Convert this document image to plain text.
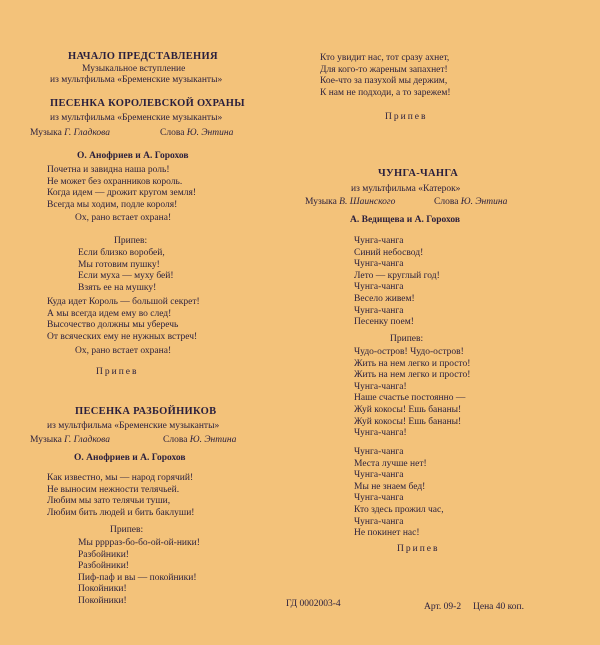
НАЧАЛО ПРЕДСТАВЛЕНИЯ
Музыкальное вступление
из мультфильма «Бременские музыканты»
ПЕСЕНКА КОРОЛЕВСКОЙ ОХРАНЫ
из мультфильма «Бременские музыканты»
Музыка Г. Гладкова	Слова Ю. Энтина
О. Анофриев и А. Горохов
Почетна и завидна наша роль!
Не может без охранников король.
Когда идем — дрожит кругом земля!
Всегда мы ходим, подле короля!
Ох, рано встает охрана!
Припев:
Если близко воробей,
Мы готовим пушку!
Если муха — муху бей!
Взять ее на мушку!
Куда идет Король — большой секрет!
А мы всегда идем ему во след!
Высочество должны мы уберечь
От всяческих ему не нужных встреч!
Ох, рано встает охрана!
Припев
ПЕСЕНКА РАЗБОЙНИКОВ
из мультфильма «Бременские музыканты»
Музыка Г. Гладкова	Слова Ю. Энтина
О. Анофриев и А. Горохов
Как известно, мы — народ горячий!
Не выносим нежности телячьей.
Любим мы зато телячьи туши,
Любим бить людей и бить баклуши!
Припев:
Мы рррраз-бо-бо-ой-ой-ники!
Разбойники!
Разбойники!
Пиф-паф и вы — покойники!
Покойники!
Покойники!
Кто увидит нас, тот сразу ахнет,
Для кого-то жареным запахнет!
Кое-что за пазухой мы держим,
К нам не подходи, а то зарежем!
Припев
ЧУНГА-ЧАНГА
из мультфильма «Катерок»
Музыка В. Шаинского	Слова Ю. Энтина
А. Ведищева и А. Горохов
Чунга-чанга
Синий небосвод!
Чунга-чанга
Лето — круглый год!
Чунга-чанга
Весело живем!
Чунга-чанга
Песенку поем!
Припев:
Чудо-остров! Чудо-остров!
Жить на нем легко и просто!
Жить на нем легко и просто!
Чунга-чанга!
Наше счастье постоянно —
Жуй кокосы! Ешь бананы!
Жуй кокосы! Ешь бананы!
Чунга-чанга!
Чунга-чанга
Места лучше нет!
Чунга-чанга
Мы не знаем бед!
Чунга-чанга
Кто здесь прожил час,
Чунга-чанга
Не покинет нас!
Припев
ГД 0002003-4	Арт. 09-2 Цена 40 коп.
